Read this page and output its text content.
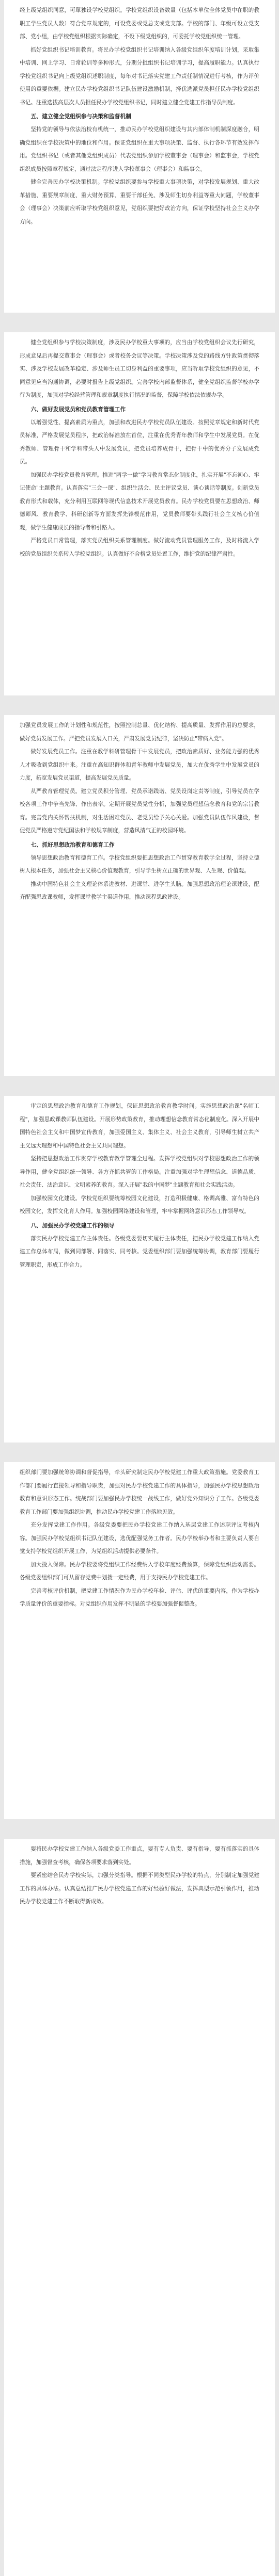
经上级党组织同意，可單独设学校党组织。学校党组织设备数量（包括本单位全体党员中在职的教职工学生党员人数）符合党章规定的，可设党委或党总支或党支部。学校的部门、年级可设立党支部、党小组，由学校党组织根据实际确定，不设下级党组织的，可委托学校党组织统一管理。

抓好党组织书记培训教育。将民办学校党组织书记培训纳入各级党组织年度培训计划，采取集中培训、网上学习、日常轮训等多种形式，分期分批组织书记培训学习，提高履职能力。认真执行学校党组织书记向上级党组织述职制度，每年对书记落实党建工作责任制情况进行考核，作为评价使用的重要依据。建立民办学校党组织书记队伍建设激励机制，择优选派党员担任民办学校党组织书记。注重选拔高层次人员担任民办学校党组织书记，同时建立健全党建工作指导员制度。

五、建立健全党组织参与决策和监督机制

坚持党的领导与依法治校有机统一，推动民办学校党组织建设与其内部体制机制深度融合，明确党组织在学校决策中的地位和作用。保证党组织在重大事项决策、监督、执行各环节有效发挥作用。党组织书记（或者其他党组织成员）代表党组织参加学校董事会（理事会）和监事会，学校党组织成员按照章程规定，通过法定程序进入学校董事会（理事会）和监事会。

健全完善民办学校决策机制。学校党组织要参与学校重大事项决策，对学校发展规划、重大改革措施、重要规章制度、重大财务预算、重要干部任免、涉及师生切身利益等重大问题，学校董事会（理事会）决策前应听取学校党组织意见，党组织要把好政治方向，保证学校坚持社会主义办学方向。

健全党组织参与学校决策制度，涉及民办学校重大事项的，应当由学校党组织会议先行研究，形成意见后再提交董事会（理事会）或者校务会议等决策。学校决策涉及党的路线方针政策贯彻落实、涉及学校发展改革稳定、涉及师生员工切身利益的重要事项，应当听取学校党组织的意见，不同意见应当沟通协调，必要时报告上级党组织。完善学校内部监督体系，健全党组织监督学校办学行为制度，加强对学校经营管理和规章制度执行情况的监督，保障学校依法依规办学。

六、做好发展党员和党员教育管理工作

以增强党性、提高素质为重点，加强和改进民办学校党员队伍建设。按照党章规定和新时代党员标准，严格发展党员程序，把政治标准放在首位，注重在优秀青年教师和学生中发展党员。在优秀教师、管理骨干和学科带头人中发展党员，把党员培养成骨干，把骨干中的优秀分子发展成党员。

加强民办学校党员教育管理。推进"两学一做"学习教育常态化制度化，扎实开展"不忘初心、牢记使命"主题教育。认真落实"三会一课"、组织生活会、民主评议党员、谈心谈话等制度。创新党员教育形式和载体，充分利用互联网等现代信息技术开展党员教育。民办学校党员要在思想政治、师德师风、教育教学、科研创新等方面发挥先锋模范作用，党员教师要带头践行社会主义核心价值观，做学生健康成长的指导者和引路人。

严格党员日常管理，落实党员组织关系管理制度。做好流动党员管理服务工作，及时将流入学校的党员组织关系转入学校党组织。认真做好不合格党员处置工作，维护党的纪律严肃性。

加强党员发展工作的计划性和规范性，按照控制总量、优化结构、提高质量、发挥作用的总要求，做好党员发展工作。严把党员发展入口关，严肃发展党员纪律，坚决防止"带病入党"。

做好发展党员工作。注重在教学科研管理骨干中发展党员，把政治素质好、业务能力强的优秀人才吸收到党组织中来。注重在高知识群体和青年教师中发展党员，加大在优秀学生中发展党员的力度，拓宽发展党员渠道，提高发展党员质量。

从严教育管理党员。建立党员积分管理、党员承诺践诺、党员设岗定责等制度，引导党员在学校各项工作中争当先锋、作出表率。定期开展党员党性分析，加强党员理想信念教育和党的宗旨教育。完善党内关怀帮扶机制，对生活困难党员、老党员给予关心关爱。加强党员队伍作风建设，督促党员严格遵守党纪国法和学校规章制度，营造风清气正的校园环境。

七、抓好思想政治教育和德育工作

领导思想政治教育和德育工作。学校党组织要把思想政治工作贯穿教育教学全过程，坚持立德树人根本任务，加强社会主义核心价值观教育，引导学生树立正确的世界观、人生观、价值观。

推动中国特色社会主义理论体系进教材、进课堂、进学生头脑。加强思想政治理论课建设，配齐配强思政课教师，发挥课堂教学主渠道作用，推动课程思政建设。

审定的思想政治教育和德育工作规划，保证思想政治教育教学时间。实施思想政治课"名师工程"，加强思政课教师队伍建设。开展形势政策教育，推动理想信念教育常态化制度化。深入开展中国特色社会主义和中国梦宣传教育，加强爱国主义、集体主义、社会主义教育，引导师生树立共产主义远大理想和中国特色社会主义共同理想。

坚持把思想政治工作贯穿学校教育教学管理全过程。发挥学校党组织对学校思想政治工作的领导作用，健全党组织统一领导、各方齐抓共管的工作格局。注重加强对学生理想信念、道德品质、社会责任、法治意识、文明素养的教育。深入开展"我的中国梦"主题教育和社会实践活动。

加强校园文化建设。学校党组织要统筹校园文化建设，打造积极健康、格调高雅、富有特色的校园文化，发挥文化育人作用。加强校园网络建设和管理，牢牢掌握网络意识形态工作领导权。

八、加强民办学校党建工作的领导

落实民办学校党建工作主体责任。各级党委要切实履行主体责任，把民办学校党建工作纳入党建工作总体布局，做到同部署、同落实、同考核。党委组织部门要加强统筹协调，教育部门要履行管理职责，形成工作合力。

组织部门要加强统筹协调和督促指导，牵头研究制定民办学校党建工作重大政策措施。党委教育工作部门要履行直接领导和指导职责，加强对民办学校党建工作的具体指导，加强民办学校思想政治教育和意识形态工作。统战部门要加强民办学校统一战线工作，做好党外知识分子工作。各级党委教育工作部门要加强组织协调，推动民办学校党建工作落地见效。

充分发挥党建工作作用。各级党委要把民办学校党建工作纳入基层党建工作述职评议考核内容。加强民办学校党组织书记队伍建设，选优配强党务工作者。民办学校举办者和主要负责人要自觉支持学校党组织开展工作，为党组织活动提供必要条件。

加大投入保障。民办学校要将党组织工作经费纳入学校年度经费预算，保障党组织活动需要。各级党委组织部门可从留存党费中划拨一定经费，用于支持民办学校党建工作。

完善考核评价机制，把党建工作情况作为民办学校年检、评估、评优的重要内容，作为学校办学质量评价的重要指标。对党组织作用发挥不明显的学校要加强督促整改。

要将民办学校党建工作纳入各级党委工作重点，要有专人负责、要有指导，要有抓落实的具体措施，加强督查考核，确保各项要求落到实处。

要紧密结合民办学校实际，加强分类指导。根据不同类型民办学校的特点，分别制定加强党建工作的具体办法。认真总结推广民办学校党建工作的好经验好做法，发挥典型示范引领作用，推动民办学校党建工作不断取得新成效。
